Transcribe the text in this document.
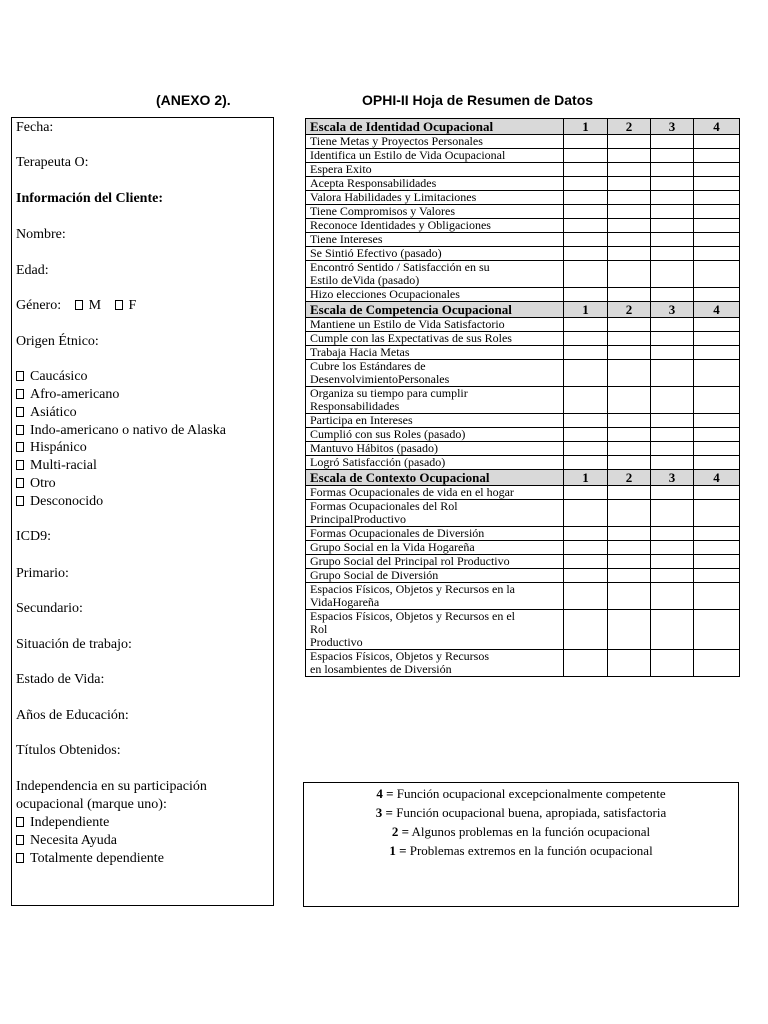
(ANEXO 2).	OPHI-II Hoja de Resumen de Datos
Fecha:
Terapeuta O:
Información del Cliente:
Nombre:
Edad:
Género: M F
Origen Étnico:
Caucásico
Afro-americano
Asiático
Indo-americano o nativo de Alaska
Hispánico
Multi-racial
Otro
Desconocido
ICD9:
Primario:
Secundario:
Situación de trabajo:
Estado de Vida:
Años de Educación:
Títulos Obtenidos:
Independencia en su participación
ocupacional (marque uno):
Independiente
Necesita Ayuda
Totalmente dependiente
Escala de Identidad Ocupacional	1	2	3	4

Tiene Metas y Proyectos Personales				

Identifica un Estilo de Vida Ocupacional				

Espera Exito				

Acepta Responsabilidades				

Valora Habilidades y Limitaciones				

Tiene Compromisos y Valores				

Reconoce Identidades y Obligaciones				

Tiene Intereses				

Se Sintió Efectivo (pasado)				

Encontró Sentido / Satisfacción en su
Estilo deVida (pasado)				

Hizo elecciones Ocupacionales				

Escala de Competencia Ocupacional	1	2	3	4

Mantiene un Estilo de Vida Satisfactorio				

Cumple con las Expectativas de sus Roles				

Trabaja Hacia Metas				

Cubre los Estándares de
DesenvolvimientoPersonales				

Organiza su tiempo para cumplir
Responsabilidades				

Participa en Intereses				

Cumplió con sus Roles (pasado)				

Mantuvo Hábitos (pasado)				

Logró Satisfacción (pasado)				

Escala de Contexto Ocupacional	1	2	3	4

Formas Ocupacionales de vida en el hogar				

Formas Ocupacionales del Rol
PrincipalProductivo				

Formas Ocupacionales de Diversión				

Grupo Social en la Vida Hogareña				

Grupo Social del Principal rol Productivo				

Grupo Social de Diversión				

Espacios Físicos, Objetos y Recursos en la
VidaHogareña				

Espacios Físicos, Objetos y Recursos en el
Rol
Productivo				

Espacios Físicos, Objetos y Recursos
en losambientes de Diversión				

4 = Función ocupacional excepcionalmente competente
3 = Función ocupacional buena, apropiada, satisfactoria
2 = Algunos problemas en la función ocupacional
1 = Problemas extremos en la función ocupacional
